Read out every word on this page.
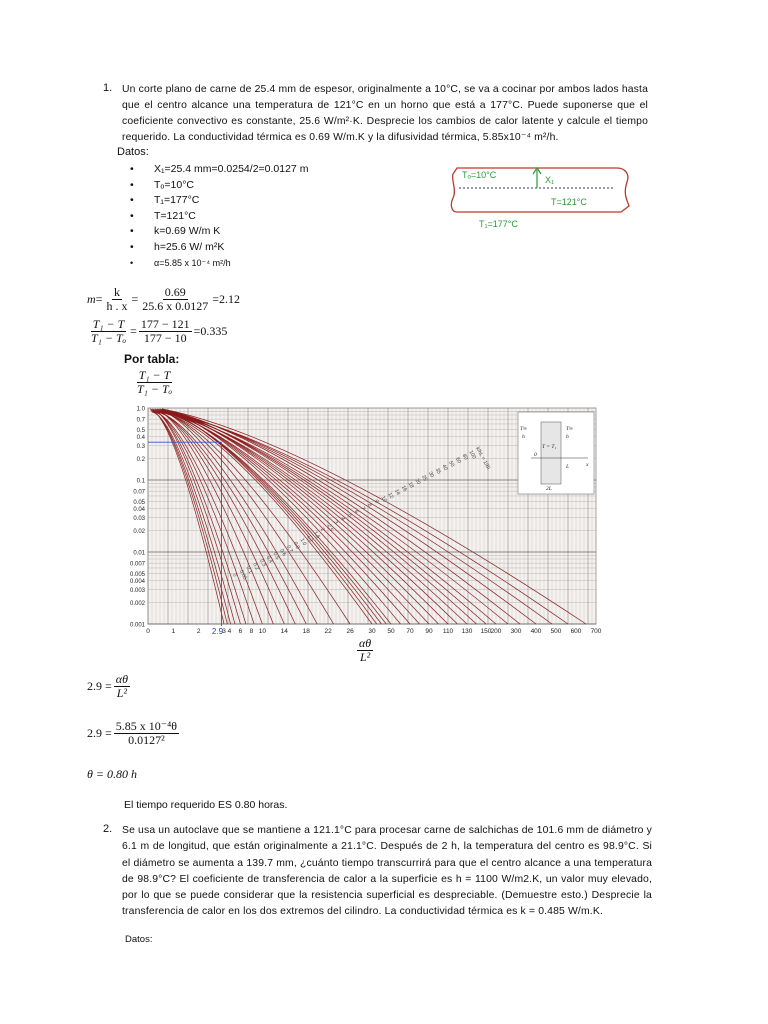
1. Un corte plano de carne de 25.4 mm de espesor, originalmente a 10°C, se va a cocinar por ambos lados hasta que el centro alcance una temperatura de 121°C en un horno que está a 177°C. Puede suponerse que el coeficiente convectivo es constante, 25.6 W/m²·K. Desprecie los cambios de calor latente y calcule el tiempo requerido. La conductividad térmica es 0.69 W/m.K y la difusividad térmica, 5.85x10⁻⁴ m²/h.
Datos:
• X₁=25.4 mm=0.0254/2=0.0127 m
• Tₒ=10°C
• T₁=177°C
• T=121°C
• k=0.69 W/m K
• h=25.6 W/ m²K
• α=5.85 x 10⁻⁴ m²/h
Tₒ=10°C	X₁
T=121°C
T₁=177°C
$m = \frac{k}{h . x} = \frac{0.69}{25.6 x 0.0127} =2.12$
$\frac{\text{T₁ − T}}{\text{T₁ − Tₒ}} = \frac{177 - 121}{177 - 10} =0.335$
Por tabla:
$\frac{\text{T₁ − T}}{\text{T₁ − Tₒ}}$
1.0
0.7
0.5
0.4
0.3
0.2
0.1
0.07
0.05
0.04
0.03
0.02
0.01
0.007
0.005
0.004
0.003
0.002
0.001
0	1	2	3 4 6 8 10 14 18 22 26 30 50 70 90 110 130 150 200 300 400 500 600 700
k/hL = 1/Bi
100
80
60
50
40
35
30
25
20
18
16
14
12
10
9
8
7
6
5
4
3
2.5
2
1.5
1.2
1.0
0.8
0.7
0.6
0.5
0.4
0.3
0.2
0.1
0.05
0
T∞
h
T = T₁
T∞
h
0
L	x
2L
2.9
$\frac{\alpha\theta}{\text{L²}}$
$2.9 = \frac{\alpha\theta}{\text{L²}}$
$2.9 = \frac{\text{5.85 x 10⁻⁴θ}}{\text{0.0127²}}$
θ = 0.80 h
El tiempo requerido ES 0.80 horas.
2. Se usa un autoclave que se mantiene a 121.1°C para procesar carne de salchichas de 101.6 mm de diámetro y 6.1 m de longitud, que están originalmente a 21.1°C. Después de 2 h, la temperatura del centro es 98.9°C. Si el diámetro se aumenta a 139.7 mm, ¿cuánto tiempo transcurrirá para que el centro alcance a una temperatura de 98.9°C? El coeficiente de transferencia de calor a la superficie es h = 1100 W/m2.K, un valor muy elevado, por lo que se puede considerar que la resistencia superficial es despreciable. (Demuestre esto.) Desprecie la transferencia de calor en los dos extremos del cilindro. La conductividad térmica es k = 0.485 W/m.K.
Datos:
